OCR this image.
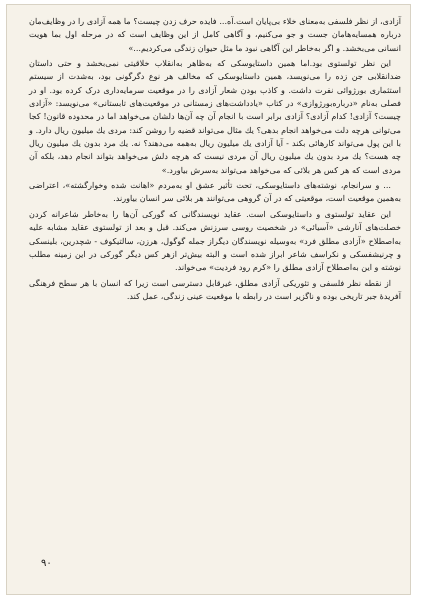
آزادی، از نظر فلسفی به‌معنای خلاء بی‌پایان است.آه... فایده حرف زدن چیست؟ ما همه آزادی را در وظایف‌مان درباره همسایه‌هامان جست و جو می‌کنیم، و آگاهی کامل از این وظایف است که در مرحله اول بما هویت انسانی می‌بخشد. و اگر به‌خاطر این آگاهی نبود ما مثل حیوان زندگی می‌کردیم...»

این نظر تولستوی بود.اما همین داستایوسکی که به‌ظاهر به‌انقلاب خلاقیتی نمی‌بخشد و حتی داستان ضدانقلابی جن زده را می‌نویسد، همین داستایوسکی که مخالف هر نوع دگرگونی بود، به‌شدت از سیستم استثماری بورژوائی نفرت داشت. و کاذب بودن شعار آزادی را در موقعیت سرمایه‌داری درک کرده بود. او در فصلی به‌نام «درباره‌بورژوازی» در کتاب «یادداشت‌های زمستانی در موقعیت‌های تابستانی» می‌نویسد: «آزادی چیست؟ آزادی! کدام آزادی؟ آزادی برابر است با انجام آن چه آن‌ها دلشان می‌خواهد اما در محدوده قانون! کجا می‌توانی هرچه دلت می‌خواهد انجام بدهی؟ یك مثال می‌تواند قضیه را روشن کند: مردی یك میلیون ریال دارد. و با این پول می‌تواند کارهائی بکند - آیا آزادی یك میلیون ریال به‌همه می‌دهند؟ نه. یك مرد بدون یك میلیون ریال چه هست؟ یك مرد بدون یك میلیون ریال آن مردی نیست که هرچه دلش می‌خواهد بتواند انجام دهد، بلکه آن مردی است که هر کس هر بلائی که می‌خواهد می‌تواند به‌سرش بیاورد.»

... و سرانجام، نوشته‌های داستایوسکی، تحت تأثیر عشق او به‌مردم «اهانت شده وخوارگشته»، اعتراضی به‌همین موقعیت است، موقعیتی که در آن گروهی می‌توانند هر بلائی سر انسان بیاورند.

این عقاید تولستوی و داستایوسکی است. عقاید نویسندگانی که گورکی آن‌ها را به‌خاطر شاعرانه کردن خصلت‌های آنارشی «آسیائی» در شخصیت روسی سرزنش می‌کند. قبل و بعد از تولستوی عقاید مشابه علیه به‌اصطلاح «آزادی مطلق فرد» به‌وسیله نویسندگان دیگراز جمله گوگول، هرزن، سالتیکوف - شچدرین، بلینسکی و چرنیشفسکی و نکراسف شاعر ابراز شده است و البته بیش‌تر ازهر کس دیگر گورکی در این زمینه مطلب نوشته و این به‌اصطلاح آزادی مطلق را «کرم رود فردیت» می‌خواند.

از نقطه نظر فلسفی و تئوریکی آزادی مطلق، غیرقابل دسترسی است زیرا که انسان با هر سطح فرهنگی آفریدۀ جبر تاریخی بوده و ناگزیر است در رابطه با موقعیت عینی زندگی، عمل کند.

۹۰
